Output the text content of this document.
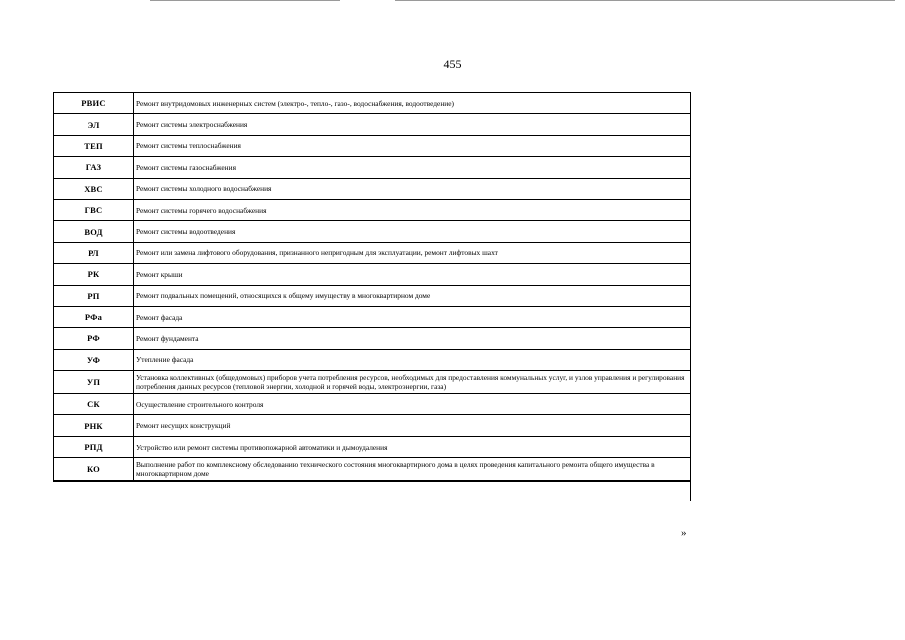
455
РВИС	Ремонт внутридомовых инженерных систем (электро-, тепло-, газо-, водоснабжения, водоотведение)
ЭЛ	Ремонт системы электроснабжения
ТЕП	Ремонт системы теплоснабжения
ГАЗ	Ремонт системы газоснабжения
ХВС	Ремонт системы холодного водоснабжения
ГВС	Ремонт системы горячего водоснабжения
ВОД	Ремонт системы водоотведения
РЛ	Ремонт или замена лифтового оборудования, признанного непригодным для эксплуатации, ремонт лифтовых шахт
РК	Ремонт крыши
РП	Ремонт подвальных помещений, относящихся к общему имуществу в многоквартирном доме
РФа	Ремонт фасада
РФ	Ремонт фундамента
УФ	Утепление фасада
УП	Установка коллективных (общедомовых) приборов учета потребления ресурсов, необходимых для предоставления коммунальных услуг, и узлов управления и регулирования потребления данных ресурсов (тепловой энергии, холодной и горячей воды, электроэнергии, газа)
СК	Осуществление строительного контроля
РНК	Ремонт несущих конструкций
РПД	Устройство или ремонт системы противопожарной автоматики и дымоудаления
КО	Выполнение работ по комплексному обследованию технического состояния многоквартирного дома в целях проведения капитального ремонта общего имущества в многоквартирном доме

»
